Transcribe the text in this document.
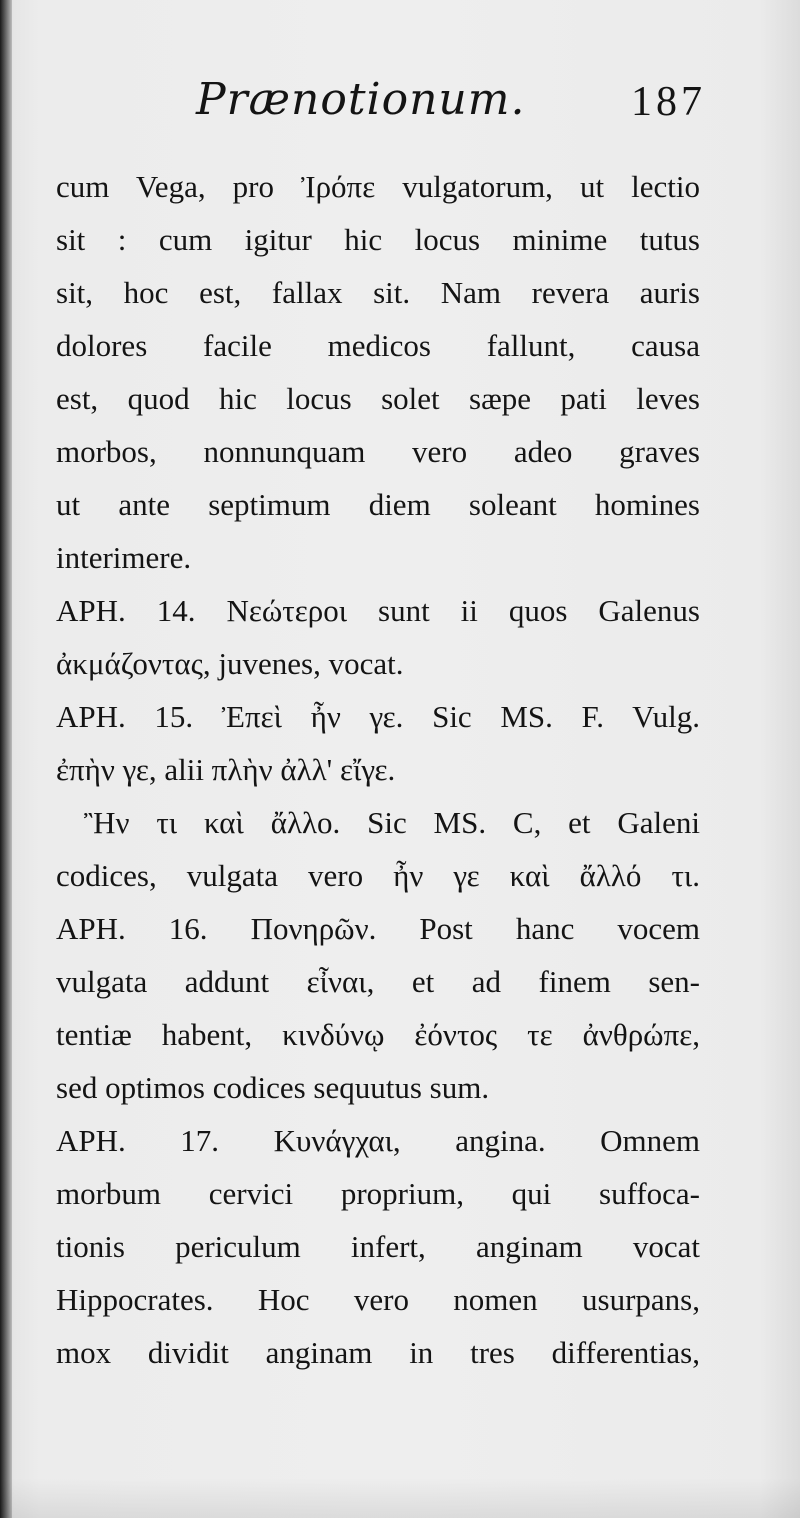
Prænotionum.	187
cum Vega, pro Ἰρόπε vulgatorum, ut lectio
sit : cum igitur hic locus minime tutus
sit, hoc est, fallax sit. Nam revera auris
dolores facile medicos fallunt, causa
est, quod hic locus solet sæpe pati leves
morbos, nonnunquam vero adeo graves
ut ante septimum diem soleant homines
interimere.
APH. 14. Νεώτεροι sunt ii quos Galenus
ἀκμάζοντας, juvenes, vocat.
APH. 15. Ἐπεὶ ἦν γε. Sic MS. F. Vulg.
ἐπὴν γε, alii πλὴν ἀλλ' εἴγε.
Ἢν τι καὶ ἄλλο. Sic MS. C, et Galeni
codices, vulgata vero ἦν γε καὶ ἄλλό τι.
APH. 16. Πονηρῶν. Post hanc vocem
vulgata addunt εἶναι, et ad finem sen-
tentiæ habent, κινδύνῳ ἐόντος τε ἀνθρώπε,
sed optimos codices sequutus sum.
APH. 17. Κυνάγχαι, angina. Omnem
morbum cervici proprium, qui suffoca-
tionis periculum infert, anginam vocat
Hippocrates. Hoc vero nomen usurpans,
mox dividit anginam in tres differentias,
